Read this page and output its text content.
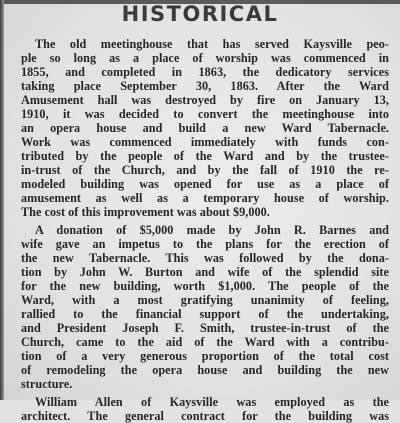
HISTORICAL
The old meetinghouse that has served Kaysville peo-
ple so long as a place of worship was commenced in
1855, and completed in 1863, the dedicatory services
taking place September 30, 1863. After the Ward
Amusement hall was destroyed by fire on January 13,
1910, it was decided to convert the meetinghouse into
an opera house and build a new Ward Tabernacle.
Work was commenced immediately with funds con-
tributed by the people of the Ward and by the trustee-
in-trust of the Church, and by the fall of 1910 the re-
modeled building was opened for use as a place of
amusement as well as a temporary house of worship.
The cost of this improvement was about $9,000.
A donation of $5,000 made by John R. Barnes and
wife gave an impetus to the plans for the erection of
the new Tabernacle. This was followed by the dona-
tion by John W. Burton and wife of the splendid site
for the new building, worth $1,000. The people of the
Ward, with a most gratifying unanimity of feeling,
rallied to the financial support of the undertaking,
and President Joseph F. Smith, trustee-in-trust of the
Church, came to the aid of the Ward with a contribu-
tion of a very generous proportion of the total cost
of remodeling the opera house and building the new
structure.
William Allen of Kaysville was employed as the
architect. The general contract for the building was
